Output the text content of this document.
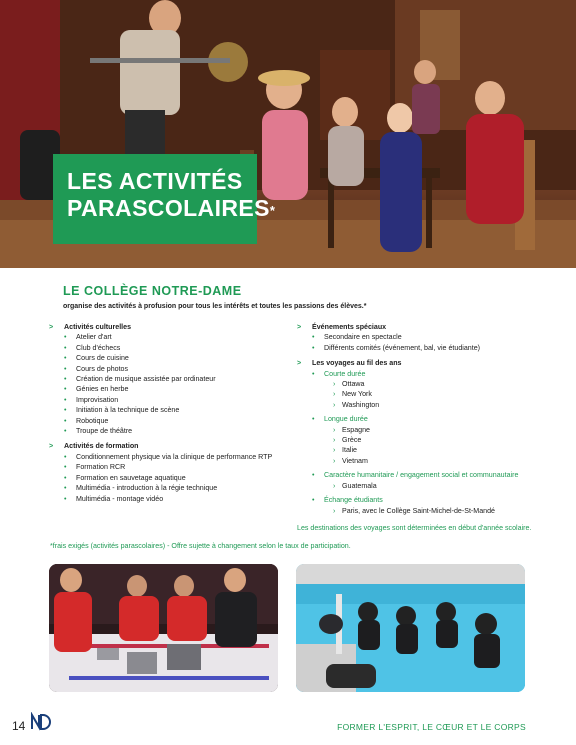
LES ACTIVITÉS
PARASCOLAIRES*
LE COLLÈGE NOTRE-DAME
organise des activités à profusion pour tous les intérêts et toutes les passions des élèves.*
> Activités culturelles
• Atelier d'art
• Club d'échecs
• Cours de cuisine
• Cours de photos
• Création de musique assistée par ordinateur
• Génies en herbe
• Improvisation
• Initiation à la technique de scène
• Robotique
• Troupe de théâtre
> Activités de formation
• Conditionnement physique via la clinique de performance RTP
• Formation RCR
• Formation en sauvetage aquatique
• Multimédia - introduction à la régie technique
• Multimédia - montage vidéo
> Événements spéciaux
• Secondaire en spectacle
• Différents comités (événement, bal, vie étudiante)
> Les voyages au fil des ans
• Courte durée
› Ottawa
› New York
› Washington
• Longue durée
› Espagne
› Grèce
› Italie
› Vietnam
• Caractère humanitaire / engagement social et communautaire
› Guatemala
• Échange étudiants
› Paris, avec le Collège Saint-Michel-de-St-Mandé
Les destinations des voyages sont déterminées en début d'année scolaire.
*frais exigés (activités parascolaires) - Offre sujette à changement selon le taux de participation.
14	FORMER L'ESPRIT, LE CŒUR ET LE CORPS
